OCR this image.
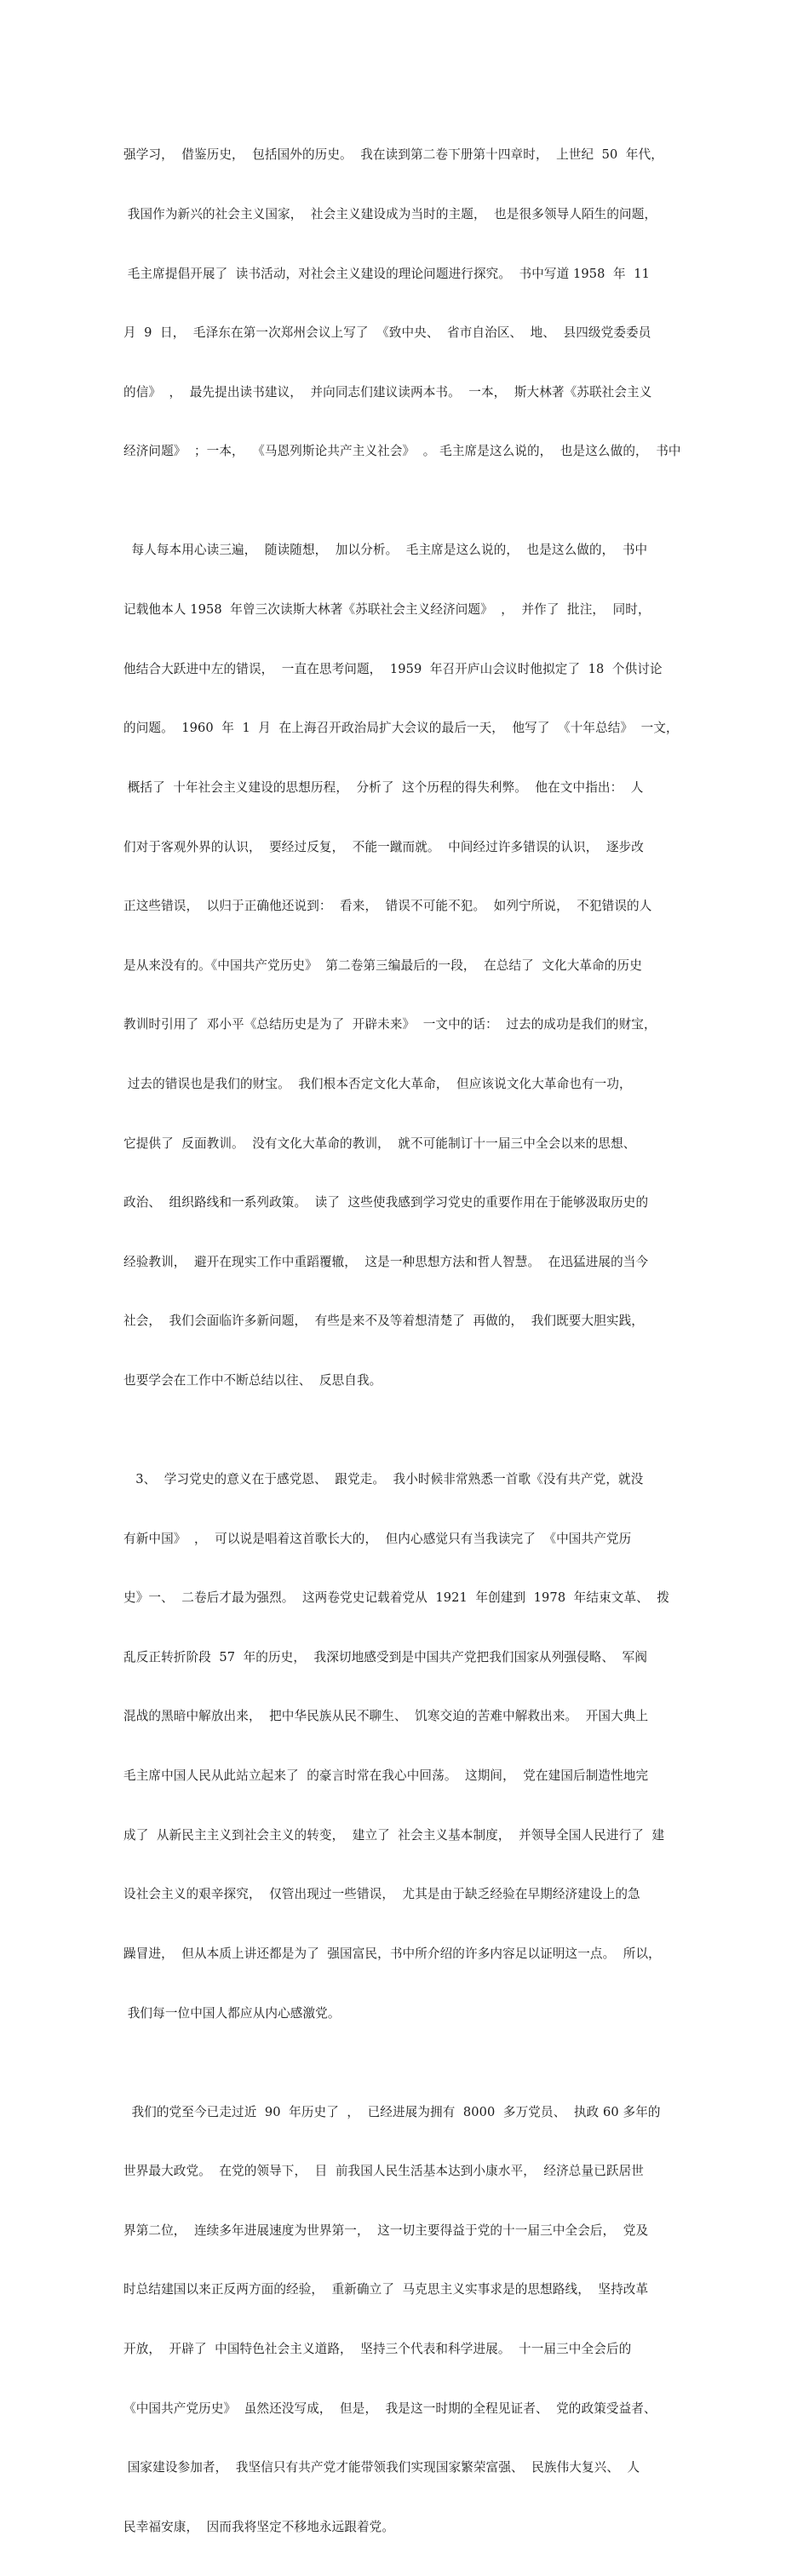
强学习，  借鉴历史，  包括国外的历史。  我在读到第二卷下册第十四章时，  上世纪  50  年代，

我国作为新兴的社会主义国家，  社会主义建设成为当时的主题，  也是很多领导人陌生的问题，

毛主席提倡开展了  读书活动，对社会主义建设的理论问题进行探究。  书中写道 1958  年  11

月  9  日，  毛泽东在第一次郑州会议上写了  《致中央、  省市自治区、  地、  县四级党委委员

的信》  ，  最先提出读书建议，  并向同志们建议读两本书。  一本，  斯大林著《苏联社会主义

经济问题》  ；一本，  《马恩列斯论共产主义社会》  。 毛主席是这么说的，  也是这么做的，  书中

每人每本用心读三遍，  随读随想，  加以分析。  毛主席是这么说的，  也是这么做的，  书中

记载他本人 1958  年曾三次读斯大林著《苏联社会主义经济问题》  ，  并作了  批注，  同时，

他结合大跃进中左的错误，  一直在思考问题，  1959  年召开庐山会议时他拟定了  18  个供讨论

的问题。  1960  年  1  月  在上海召开政治局扩大会议的最后一天，  他写了  《十年总结》  一文，

概括了  十年社会主义建设的思想历程，  分析了  这个历程的得失利弊。  他在文中指出：  人

们对于客观外界的认识，  要经过反复，  不能一蹴而就。  中间经过许多错误的认识，  逐步改

正这些错误，  以归于正确他还说到：  看来，  错误不可能不犯。  如列宁所说，  不犯错误的人

是从来没有的。《中国共产党历史》  第二卷第三编最后的一段，  在总结了  文化大革命的历史

教训时引用了  邓小平《总结历史是为了  开辟未来》  一文中的话：  过去的成功是我们的财宝，

过去的错误也是我们的财宝。  我们根本否定文化大革命，  但应该说文化大革命也有一功，

它提供了  反面教训。  没有文化大革命的教训，  就不可能制订十一届三中全会以来的思想、

政治、  组织路线和一系列政策。  读了  这些使我感到学习党史的重要作用在于能够汲取历史的

经验教训，  避开在现实工作中重蹈覆辙，  这是一种思想方法和哲人智慧。  在迅猛进展的当今

社会，  我们会面临许多新问题，  有些是来不及等着想清楚了  再做的，  我们既要大胆实践，

也要学会在工作中不断总结以往、  反思自我。

3、  学习党史的意义在于感党恩、  跟党走。  我小时候非常熟悉一首歌《没有共产党，就没

有新中国》  ，  可以说是唱着这首歌长大的，  但内心感觉只有当我读完了  《中国共产党历

史》一、  二卷后才最为强烈。  这两卷党史记载着党从  1921  年创建到  1978  年结束文革、  拨

乱反正转折阶段  57  年的历史，  我深切地感受到是中国共产党把我们国家从列强侵略、  军阀

混战的黑暗中解放出来，  把中华民族从民不聊生、  饥寒交迫的苦难中解救出来。  开国大典上

毛主席中国人民从此站立起来了  的豪言时常在我心中回荡。  这期间，  党在建国后制造性地完

成了  从新民主主义到社会主义的转变，  建立了  社会主义基本制度，  并领导全国人民进行了  建

设社会主义的艰辛探究，  仅管出现过一些错误，  尤其是由于缺乏经验在早期经济建设上的急

躁冒进，  但从本质上讲还都是为了  强国富民，书中所介绍的许多内容足以证明这一点。  所以，

我们每一位中国人都应从内心感激党。

我们的党至今已走过近  90  年历史了  ，  已经进展为拥有  8000  多万党员、  执政 60 多年的

世界最大政党。  在党的领导下，  目  前我国人民生活基本达到小康水平，  经济总量已跃居世

界第二位，  连续多年进展速度为世界第一，  这一切主要得益于党的十一届三中全会后，  党及

时总结建国以来正反两方面的经验，  重新确立了  马克思主义实事求是的思想路线，  坚持改革

开放，  开辟了  中国特色社会主义道路，  坚持三个代表和科学进展。  十一届三中全会后的

《中国共产党历史》  虽然还没写成，  但是，  我是这一时期的全程见证者、  党的政策受益者、

国家建设参加者，  我坚信只有共产党才能带领我们实现国家繁荣富强、  民族伟大复兴、  人

民幸福安康，  因而我将坚定不移地永远跟着党。
